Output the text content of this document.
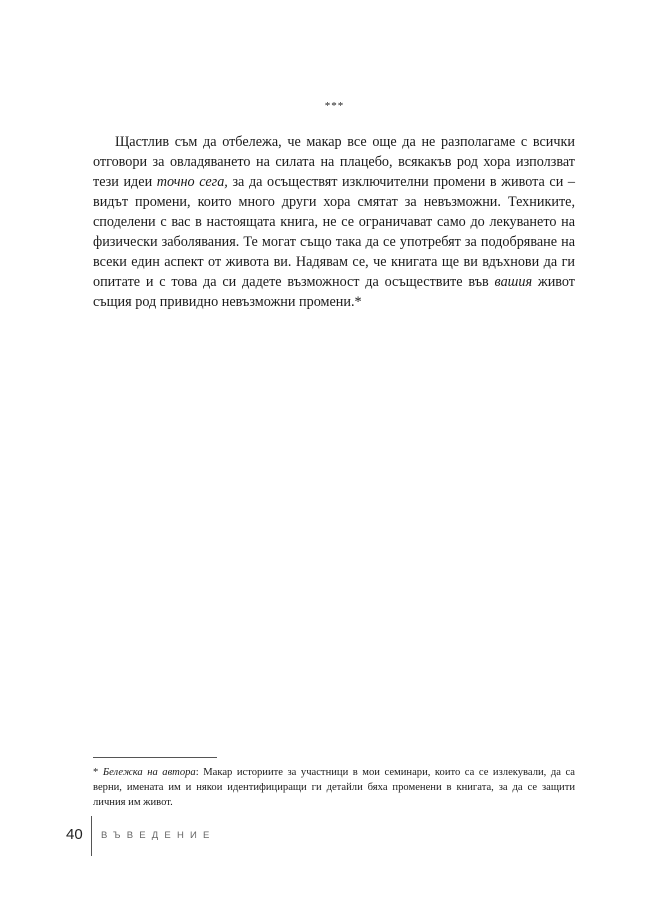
***

Щастлив съм да отбележа, че макар все още да не разполагаме с всички отговори за овладяването на силата на плацебо, всякакъв род хора използват тези идеи точно сега, за да осъществят изключителни промени в живота си – видът промени, които много други хора смятат за невъзможни. Техниките, споделени с вас в настоящата книга, не се ограничават само до лекуването на физически заболявания. Те могат също така да се употребят за подобряване на всеки един аспект от живота ви. Надявам се, че книгата ще ви вдъхнови да ги опитате и с това да си дадете възможност да осъществите във вашия живот същия род привидно невъзможни промени.*

* Бележка на автора: Макар историите за участници в мои семинари, които са се излекували, да са верни, имената им и някои идентифициращи ги детайли бяха променени в книгата, за да се защити личния им живот.

40 ВЪВЕДЕНИЕ
